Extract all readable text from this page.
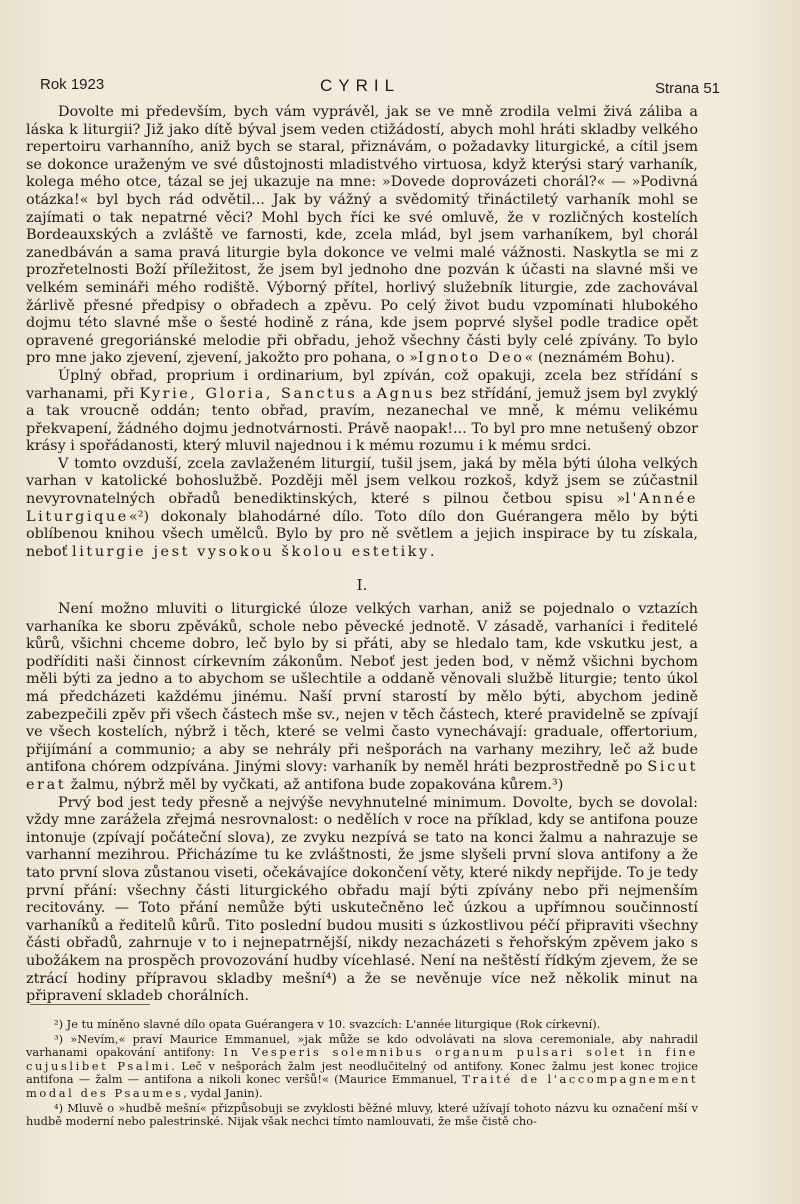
Rok 1923	CYRIL	Strana 51

Dovolte mi především, bych vám vyprávěl, jak se ve mně zrodila velmi živá záliba a láska k liturgii? Již jako dítě býval jsem veden ctižádostí, abych mohl hráti skladby velkého repertoiru varhanního, aniž bych se staral, přiznávám, o požadavky liturgické, a cítil jsem se dokonce uraženým ve své důstojnosti mladistvého virtuosa, když kterýsi starý varhaník, kolega mého otce, tázal se jej ukazuje na mne: »Dovede doprovázeti chorál?« — »Podivná otázka!« byl bych rád odvětil... Jak by vážný a svědomitý třináctiletý varhaník mohl se zajímati o tak nepatrné věci? Mohl bych říci ke své omluvě, že v rozličných kostelích Bordeauxských a zvláště ve farnosti, kde, zcela mlád, byl jsem varhaníkem, byl chorál zanedbáván a sama pravá liturgie byla dokonce ve velmi malé vážnosti. Naskytla se mi z prozřetelnosti Boží příležitost, že jsem byl jednoho dne pozván k účasti na slavné mši ve velkém semináři mého rodiště. Výborný přítel, horlivý služebník liturgie, zde zachovával žárlivě přesné předpisy o obřadech a zpěvu. Po celý život budu vzpomínati hlubokého dojmu této slavné mše o šesté hodině z rána, kde jsem poprvé slyšel podle tradice opět opravené gregoriánské melodie při obřadu, jehož všechny části byly celé zpívány. To bylo pro mne jako zjevení, zjevení, jakožto pro pohana, o »Ignoto Deo« (neznámém Bohu).

Úplný obřad, proprium i ordinarium, byl zpíván, což opakuji, zcela bez střídání s varhanami, při Kyrie, Gloria, Sanctus a Agnus bez střídání, jemuž jsem byl zvyklý a tak vroucně oddán; tento obřad, pravím, nezanechal ve mně, k mému velikému překvapení, žádného dojmu jednotvárnosti. Právě naopak!... To byl pro mne netušený obzor krásy i spořádanosti, který mluvil najednou i k mému rozumu i k mému srdci.

V tomto ovzduší, zcela zavlaženém liturgií, tušil jsem, jaká by měla býti úloha velkých varhan v katolické bohoslužbě. Později měl jsem velkou rozkoš, když jsem se zúčastnil nevyrovnatelných obřadů benediktinských, které s pilnou četbou spisu »l'Année Liturgique«²) dokonaly blahodárné dílo. Toto dílo don Guérangera mělo by býti oblíbenou knihou všech umělců. Bylo by pro ně světlem a jejich inspirace by tu získala, neboť liturgie jest vysokou školou estetiky.

I.

Není možno mluviti o liturgické úloze velkých varhan, aniž se pojednalo o vztazích varhaníka ke sboru zpěváků, schole nebo pěvecké jednotě. V zásadě, varhaníci i ředitelé kůrů, všichni chceme dobro, leč bylo by si přáti, aby se hledalo tam, kde vskutku jest, a podříditi naši činnost církevním zákonům. Neboť jest jeden bod, v němž všichni bychom měli býti za jedno a to abychom se ušlechtile a oddaně věnovali službě liturgie; tento úkol má předcházeti každému jinému. Naší první starostí by mělo býti, abychom jedině zabezpečili zpěv při všech částech mše sv., nejen v těch částech, které pravidelně se zpívají ve všech kostelích, nýbrž i těch, které se velmi často vynechávají: graduale, offertorium, přijímání a communio; a aby se nehrály při nešporách na varhany mezihry, leč až bude antifona chórem odzpívána. Jinými slovy: varhaník by neměl hráti bezprostředně po Sicut erat žalmu, nýbrž měl by vyčkati, až antifona bude zopakována kůrem.³)

Prvý bod jest tedy přesně a nejvýše nevyhnutelné minimum. Dovolte, bych se dovolal: vždy mne zarážela zřejmá nesrovnalost: o nedělích v roce na příklad, kdy se antifona pouze intonuje (zpívají počáteční slova), ze zvyku nezpívá se tato na konci žalmu a nahrazuje se varhanní mezihrou. Přicházíme tu ke zvláštnosti, že jsme slyšeli první slova antifony a že tato první slova zůstanou viseti, očekávajíce dokončení věty, které nikdy nepřijde. To je tedy první přání: všechny části liturgického obřadu mají býti zpívány nebo při nejmenším recitovány. — Toto přání nemůže býti uskutečněno leč úzkou a upřímnou součinností varhaníků a ředitelů kůrů. Tito poslední budou musiti s úzkostlivou péčí připraviti všechny části obřadů, zahrnuje v to i nejnepatrnější, nikdy nezacházeti s řehořským zpěvem jako s ubožákem na prospěch provozování hudby vícehlasé. Není na neštěstí řídkým zjevem, že se ztrácí hodiny přípravou skladby mešní⁴) a že se nevěnuje více než několik minut na připravení skladeb chorálních.

²) Je tu míněno slavné dílo opata Guérangera v 10. svazcích: L'année liturgique (Rok církevní).

³) »Nevím,« praví Maurice Emmanuel, »jak může se kdo odvolávati na slova ceremoniale, aby nahradil varhanami opakování antifony: In Vesperis solemnibus organum pulsari solet in fine cujuslibet Psalmi. Leč v nešporách žalm jest neodlučitelný od antifony. Konec žalmu jest konec trojice antifona — žalm — antifona a nikoli konec veršů!« (Maurice Emmanuel, Traité de l'accompagnement modal des Psaumes, vydal Janin).

⁴) Mluvě o »hudbě mešní« přizpůsobuji se zvyklosti běžné mluvy, které užívají tohoto názvu ku označení mší v hudbě moderní nebo palestrinské. Nijak však nechci tímto namlouvati, že mše čistě cho-
